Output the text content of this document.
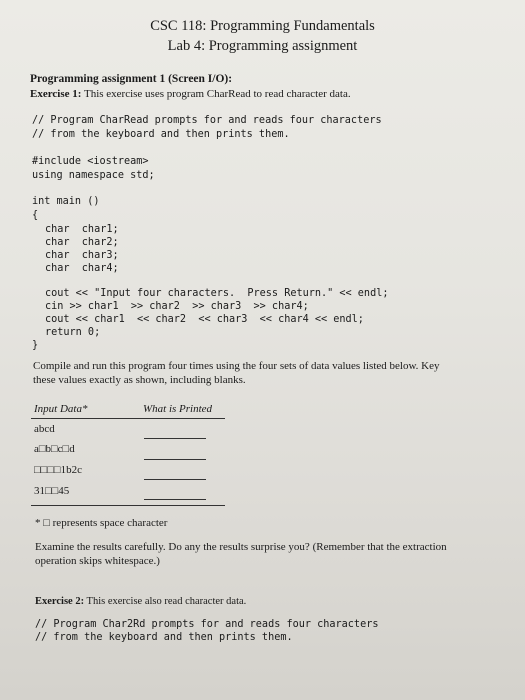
CSC 118: Programming Fundamentals
Lab 4: Programming assignment
Programming assignment 1 (Screen I/O):
Exercise 1: This exercise uses program CharRead to read character data.
// Program CharRead prompts for and reads four characters
// from the keyboard and then prints them.
#include <iostream>
using namespace std;
int main ()
{
char  char1;
char  char2;
char  char3;
char  char4;
cout << "Input four characters.  Press Return." << endl;
cin >> char1  >> char2  >> char3  >> char4;
cout << char1  << char2  << char3  << char4 << endl;
return 0;
}
Compile and run this program four times using the four sets of data values listed below. Key
these values exactly as shown, including blanks.
Input Data*	What is Printed
abcd
a□b□c□d
□□□□1b2c
31□□45
* □ represents space character
Examine the results carefully. Do any the results surprise you? (Remember that the extraction
operation skips whitespace.)
Exercise 2: This exercise also read character data.
// Program Char2Rd prompts for and reads four characters
// from the keyboard and then prints them.
